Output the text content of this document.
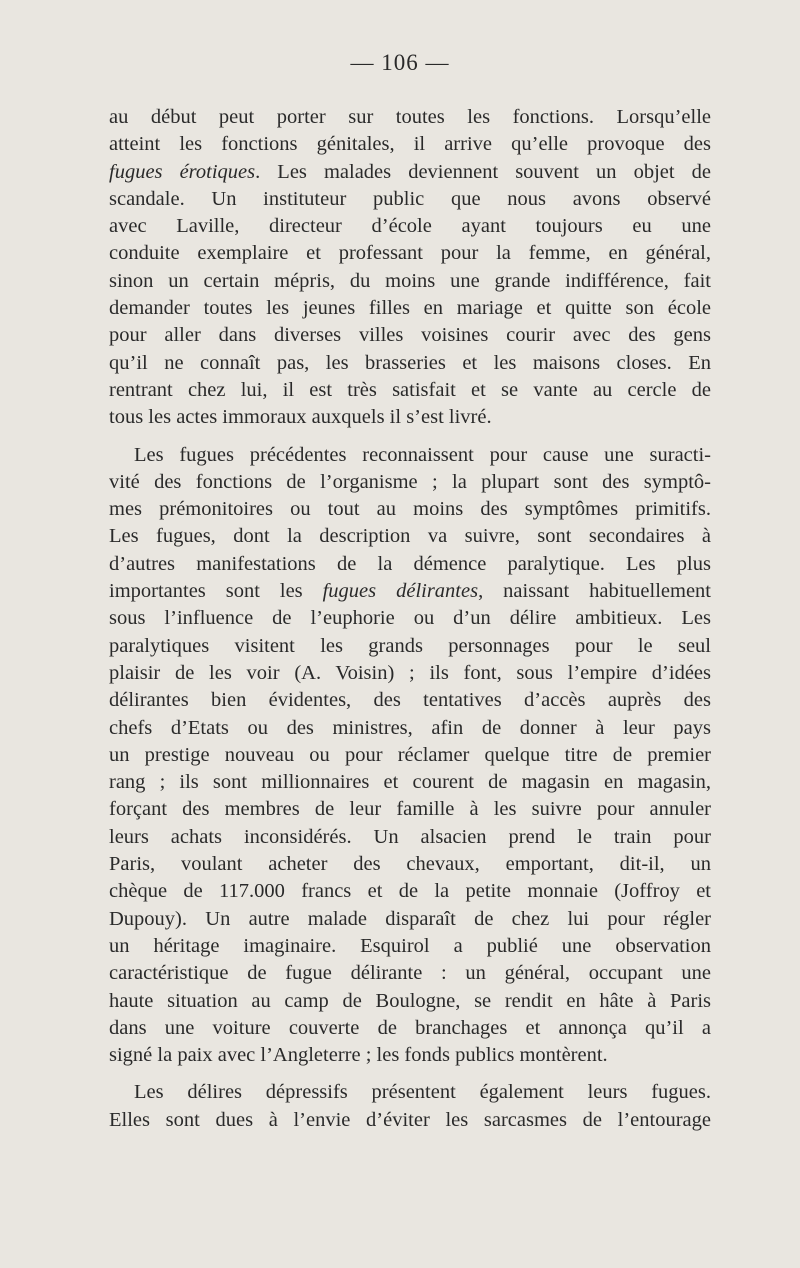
— 106 —
au début peut porter sur toutes les fonctions. Lorsqu’elle
atteint les fonctions génitales, il arrive qu’elle provoque des
fugues érotiques. Les malades deviennent souvent un objet de
scandale. Un instituteur public que nous avons observé
avec Laville, directeur d’école ayant toujours eu une
conduite exemplaire et professant pour la femme, en général,
sinon un certain mépris, du moins une grande indifférence, fait
demander toutes les jeunes filles en mariage et quitte son école
pour aller dans diverses villes voisines courir avec des gens
qu’il ne connaît pas, les brasseries et les maisons closes. En
rentrant chez lui, il est très satisfait et se vante au cercle de
tous les actes immoraux auxquels il s’est livré.
Les fugues précédentes reconnaissent pour cause une suracti-
vité des fonctions de l’organisme ; la plupart sont des symptô-
mes prémonitoires ou tout au moins des symptômes primitifs.
Les fugues, dont la description va suivre, sont secondaires à
d’autres manifestations de la démence paralytique. Les plus
importantes sont les fugues délirantes, naissant habituellement
sous l’influence de l’euphorie ou d’un délire ambitieux. Les
paralytiques visitent les grands personnages pour le seul
plaisir de les voir (A. Voisin) ; ils font, sous l’empire d’idées
délirantes bien évidentes, des tentatives d’accès auprès des
chefs d’Etats ou des ministres, afin de donner à leur pays
un prestige nouveau ou pour réclamer quelque titre de premier
rang ; ils sont millionnaires et courent de magasin en magasin,
forçant des membres de leur famille à les suivre pour annuler
leurs achats inconsidérés. Un alsacien prend le train pour
Paris, voulant acheter des chevaux, emportant, dit-il, un
chèque de 117.000 francs et de la petite monnaie (Joffroy et
Dupouy). Un autre malade disparaît de chez lui pour régler
un héritage imaginaire. Esquirol a publié une observation
caractéristique de fugue délirante : un général, occupant une
haute situation au camp de Boulogne, se rendit en hâte à Paris
dans une voiture couverte de branchages et annonça qu’il a
signé la paix avec l’Angleterre ; les fonds publics montèrent.
Les délires dépressifs présentent également leurs fugues.
Elles sont dues à l’envie d’éviter les sarcasmes de l’entourage
